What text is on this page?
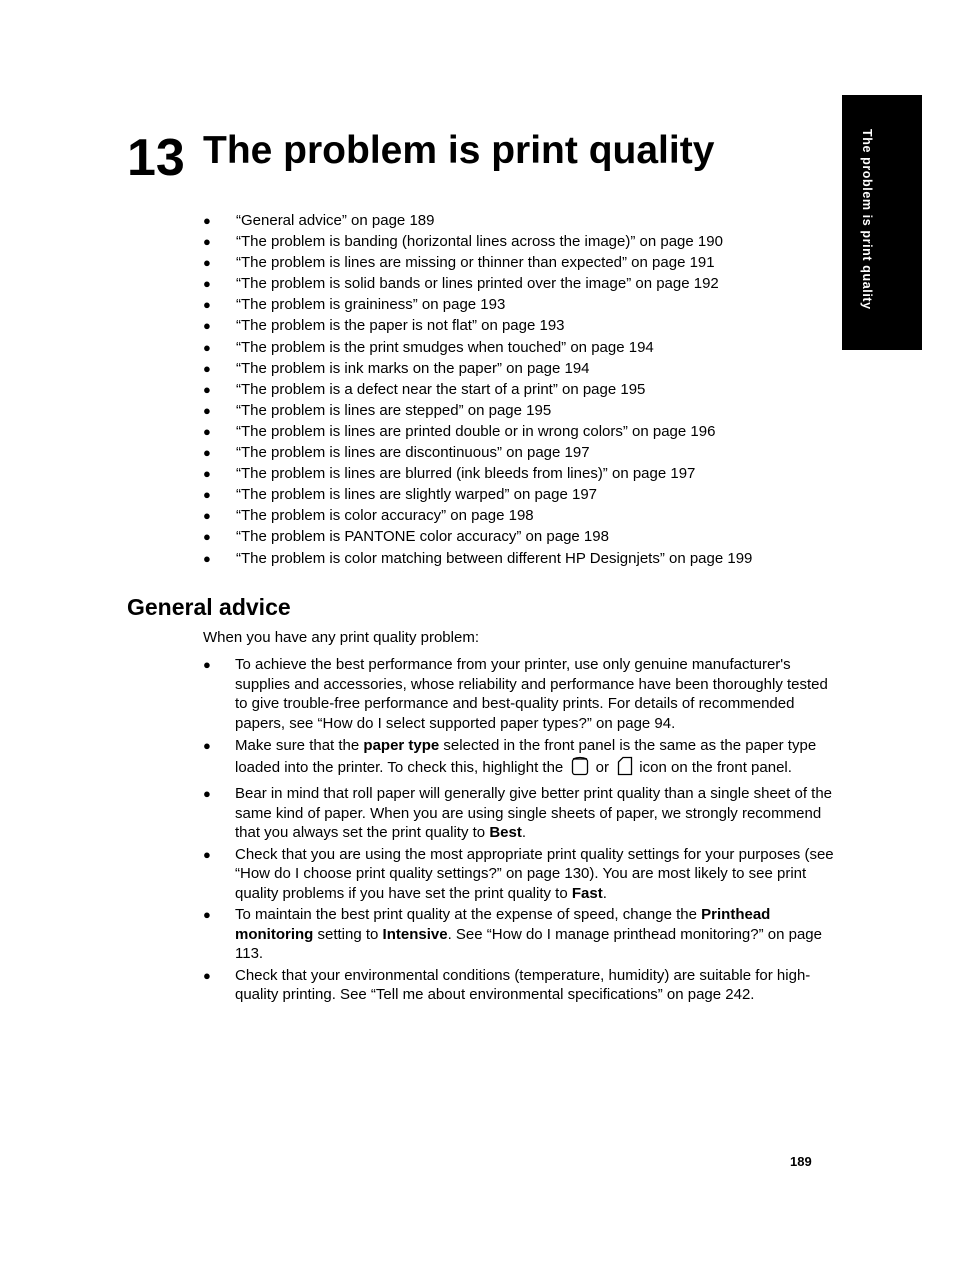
The problem is print quality
13 The problem is print quality
● “General advice” on page 189
● “The problem is banding (horizontal lines across the image)” on page 190
● “The problem is lines are missing or thinner than expected” on page 191
● “The problem is solid bands or lines printed over the image” on page 192
● “The problem is graininess” on page 193
● “The problem is the paper is not flat” on page 193
● “The problem is the print smudges when touched” on page 194
● “The problem is ink marks on the paper” on page 194
● “The problem is a defect near the start of a print” on page 195
● “The problem is lines are stepped” on page 195
● “The problem is lines are printed double or in wrong colors” on page 196
● “The problem is lines are discontinuous” on page 197
● “The problem is lines are blurred (ink bleeds from lines)” on page 197
● “The problem is lines are slightly warped” on page 197
● “The problem is color accuracy” on page 198
● “The problem is PANTONE color accuracy” on page 198
● “The problem is color matching between different HP Designjets” on page 199
General advice
When you have any print quality problem:
● To achieve the best performance from your printer, use only genuine manufacturer's supplies and accessories, whose reliability and performance have been thoroughly tested to give trouble-free performance and best-quality prints. For details of recommended papers, see “How do I select supported paper types?” on page 94.
● Make sure that the paper type selected in the front panel is the same as the paper type loaded into the printer. To check this, highlight the  or  icon on the front panel.
● Bear in mind that roll paper will generally give better print quality than a single sheet of the same kind of paper. When you are using single sheets of paper, we strongly recommend that you always set the print quality to Best.
● Check that you are using the most appropriate print quality settings for your purposes (see “How do I choose print quality settings?” on page 130). You are most likely to see print quality problems if you have set the print quality to Fast.
● To maintain the best print quality at the expense of speed, change the Printhead monitoring setting to Intensive. See “How do I manage printhead monitoring?” on page 113.
● Check that your environmental conditions (temperature, humidity) are suitable for high-quality printing. See “Tell me about environmental specifications” on page 242.
189
